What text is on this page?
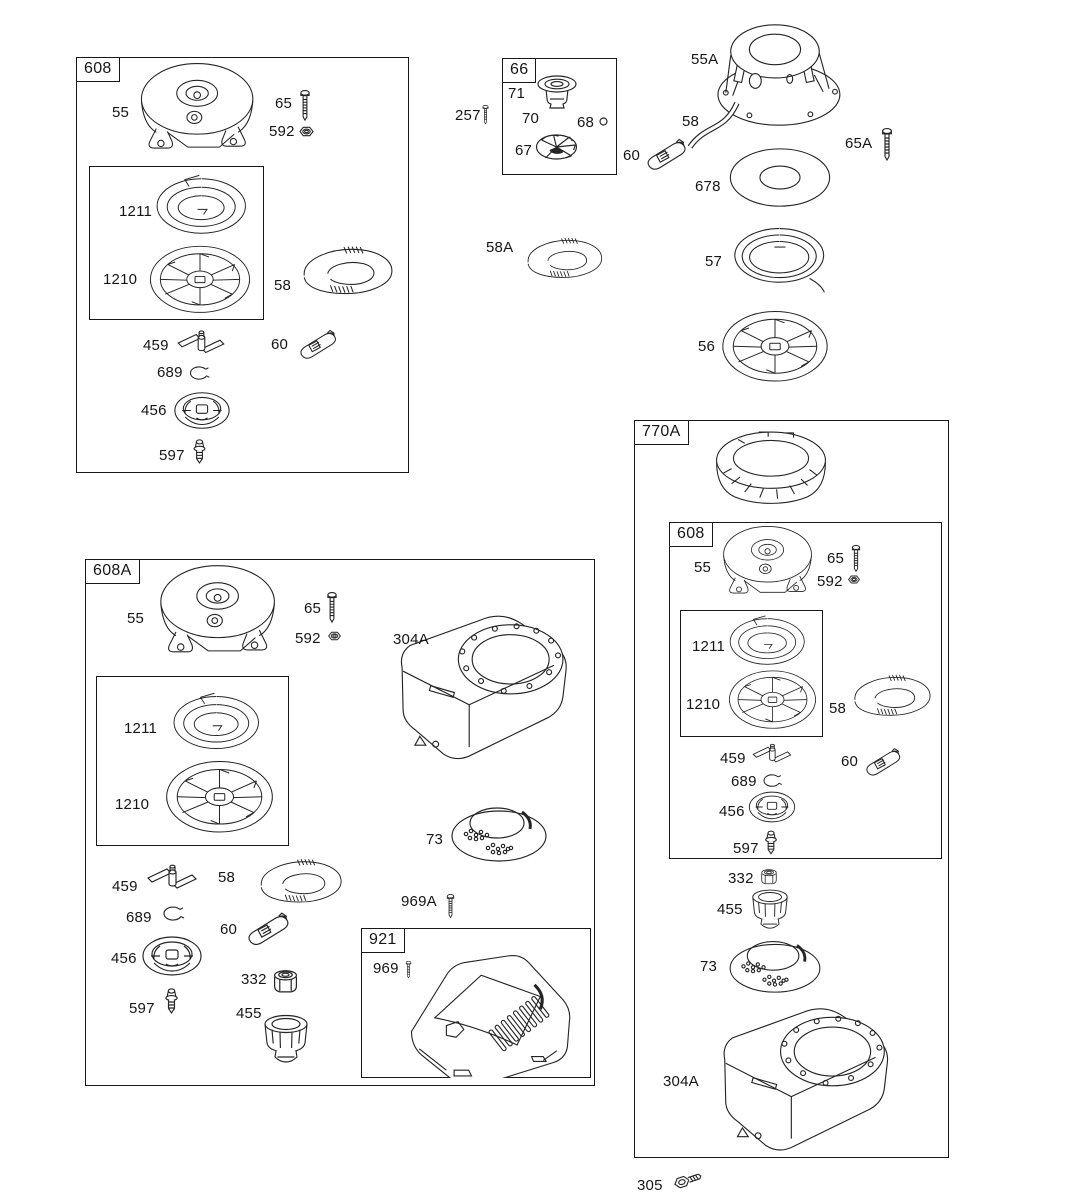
608	66
770A
608
608A
921
55
65
592
1211
1210	58
459	60
689
456
597
71
70	68
67
257
55A
58
60
65A
678
58A
57
56
55
65
592
1211
1210	58
459	60
689
456
597
332
455
73
304A
305
55
65
592	304A
1211
1210
73
459
58
689
60
456
332
597	455
969A
969
